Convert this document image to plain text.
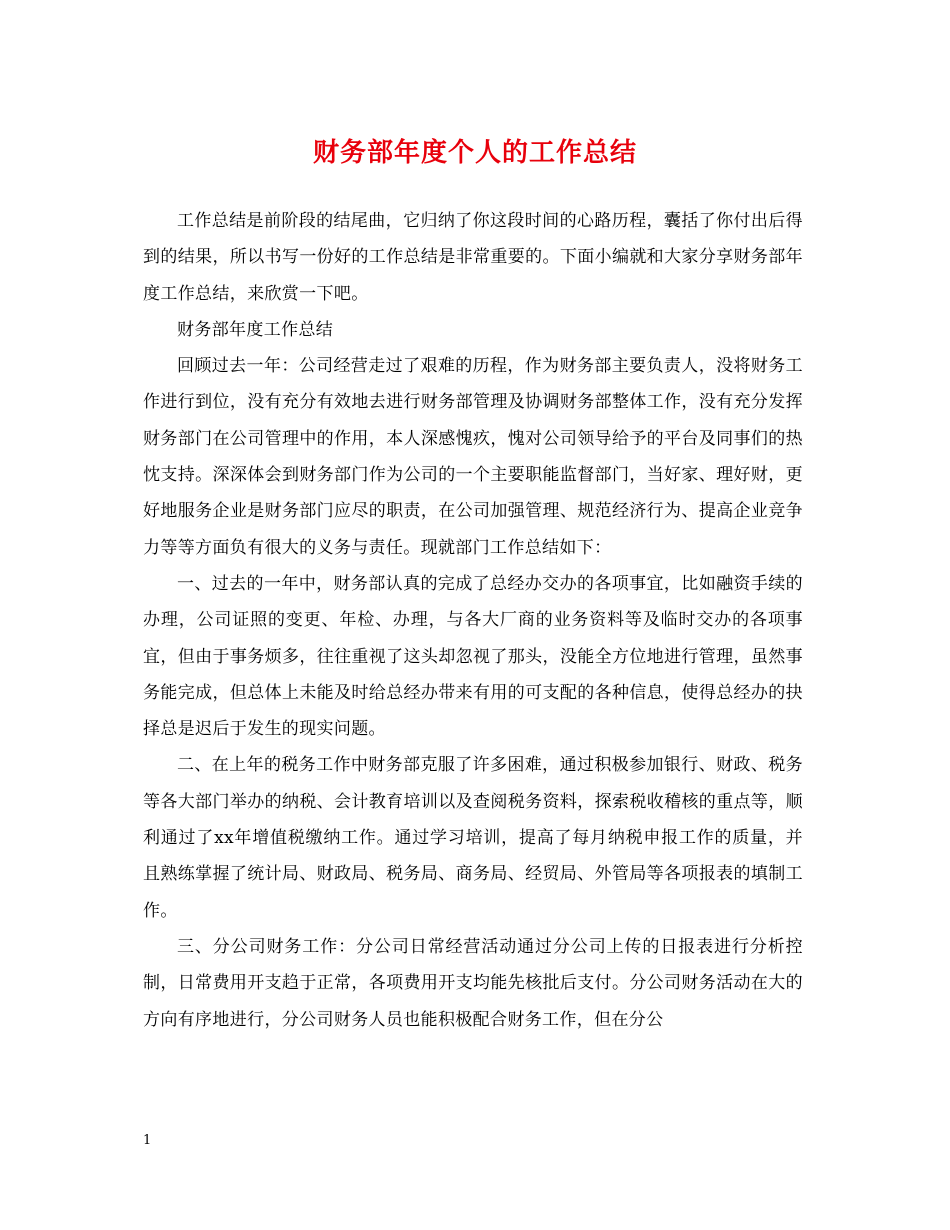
财务部年度个人的工作总结

工作总结是前阶段的结尾曲，它归纳了你这段时间的心路历程，囊括了你付出后得到的结果，所以书写一份好的工作总结是非常重要的。下面小编就和大家分享财务部年度工作总结，来欣赏一下吧。

财务部年度工作总结

回顾过去一年：公司经营走过了艰难的历程，作为财务部主要负责人，没将财务工作进行到位，没有充分有效地去进行财务部管理及协调财务部整体工作，没有充分发挥财务部门在公司管理中的作用，本人深感愧疚，愧对公司领导给予的平台及同事们的热忱支持。深深体会到财务部门作为公司的一个主要职能监督部门，当好家、理好财，更好地服务企业是财务部门应尽的职责，在公司加强管理、规范经济行为、提高企业竞争力等等方面负有很大的义务与责任。现就部门工作总结如下：

一、过去的一年中，财务部认真的完成了总经办交办的各项事宜，比如融资手续的办理，公司证照的变更、年检、办理，与各大厂商的业务资料等及临时交办的各项事宜，但由于事务烦多，往往重视了这头却忽视了那头，没能全方位地进行管理，虽然事务能完成，但总体上未能及时给总经办带来有用的可支配的各种信息，使得总经办的抉择总是迟后于发生的现实问题。

二、在上年的税务工作中财务部克服了许多困难，通过积极参加银行、财政、税务等各大部门举办的纳税、会计教育培训以及查阅税务资料，探索税收稽核的重点等，顺利通过了xx年增值税缴纳工作。通过学习培训，提高了每月纳税申报工作的质量，并且熟练掌握了统计局、财政局、税务局、商务局、经贸局、外管局等各项报表的填制工作。

三、分公司财务工作：分公司日常经营活动通过分公司上传的日报表进行分析控制，日常费用开支趋于正常，各项费用开支均能先核批后支付。分公司财务活动在大的方向有序地进行，分公司财务人员也能积极配合财务工作，但在分公

1
